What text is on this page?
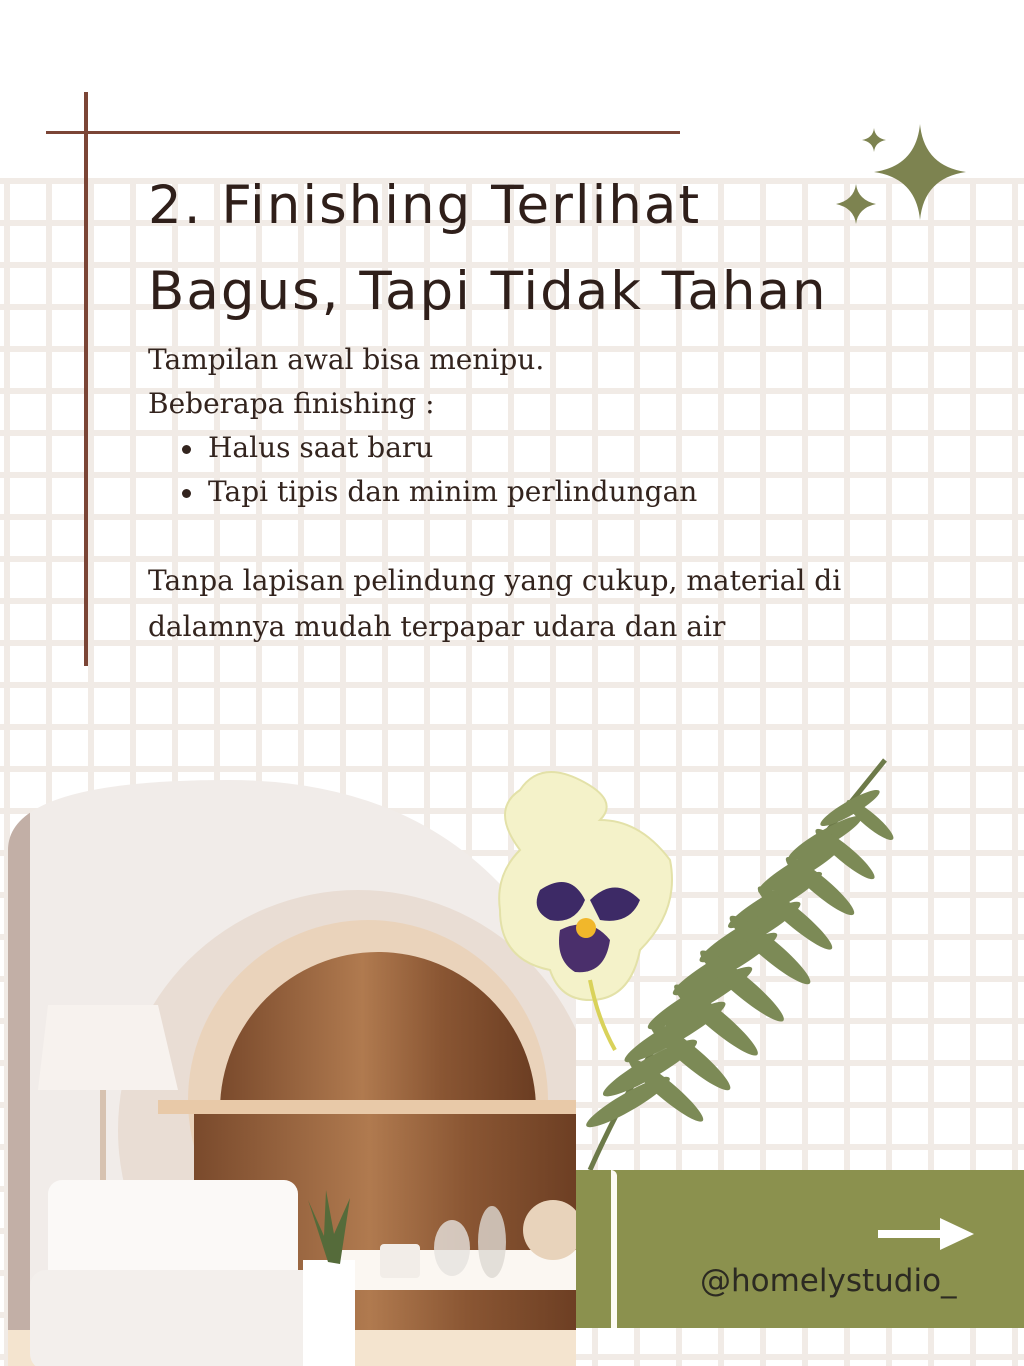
2. Finishing Terlihat
Bagus, Tapi Tidak Tahan

Tampilan awal bisa menipu.

Beberapa finishing :

Halus saat baru
Tapi tipis dan minim perlindungan

Tanpa lapisan pelindung yang cukup, material di
dalamnya mudah terpapar udara dan air

@homelystudio_
